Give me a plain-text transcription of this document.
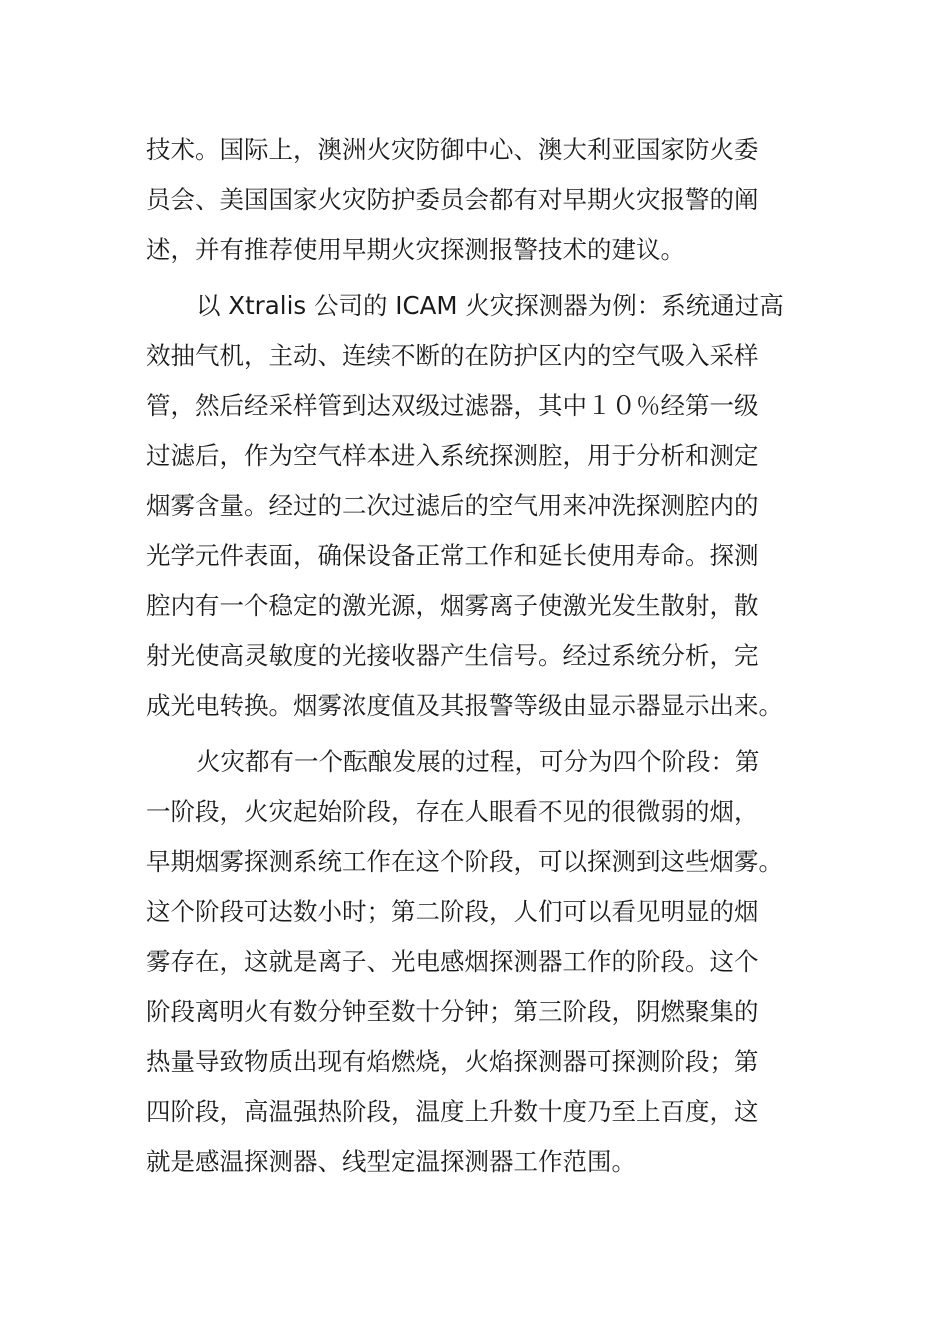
技术。国际上，澳洲火灾防御中心、澳大利亚国家防火委
员会、美国国家火灾防护委员会都有对早期火灾报警的阐
述，并有推荐使用早期火灾探测报警技术的建议。
以 Xtralis 公司的 ICAM 火灾探测器为例：系统通过高
效抽气机，主动、连续不断的在防护区内的空气吸入采样
管，然后经采样管到达双级过滤器，其中１０％经第一级
过滤后，作为空气样本进入系统探测腔，用于分析和测定
烟雾含量。经过的二次过滤后的空气用来冲洗探测腔内的
光学元件表面，确保设备正常工作和延长使用寿命。探测
腔内有一个稳定的激光源，烟雾离子使激光发生散射，散
射光使高灵敏度的光接收器产生信号。经过系统分析，完
成光电转换。烟雾浓度值及其报警等级由显示器显示出来。
火灾都有一个酝酿发展的过程，可分为四个阶段：第
一阶段，火灾起始阶段，存在人眼看不见的很微弱的烟，
早期烟雾探测系统工作在这个阶段，可以探测到这些烟雾。
这个阶段可达数小时；第二阶段，人们可以看见明显的烟
雾存在，这就是离子、光电感烟探测器工作的阶段。这个
阶段离明火有数分钟至数十分钟；第三阶段，阴燃聚集的
热量导致物质出现有焰燃烧，火焰探测器可探测阶段；第
四阶段，高温强热阶段，温度上升数十度乃至上百度，这
就是感温探测器、线型定温探测器工作范围。
